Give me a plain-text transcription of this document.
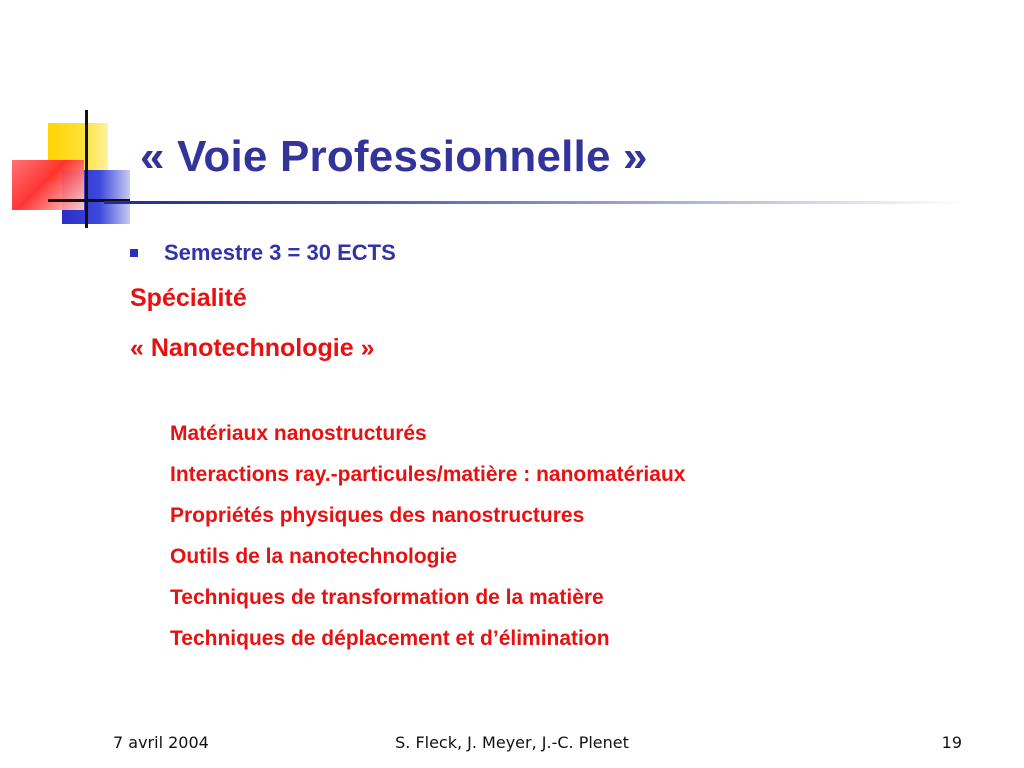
« Voie Professionnelle »
Semestre 3 = 30 ECTS
Spécialité
« Nanotechnologie »
Matériaux nanostructurés
Interactions ray.-particules/matière : nanomatériaux
Propriétés physiques des nanostructures
Outils de la nanotechnologie
Techniques de transformation de la matière
Techniques de déplacement et d’élimination
7 avril 2004	S. Fleck, J. Meyer, J.-C. Plenet	19
